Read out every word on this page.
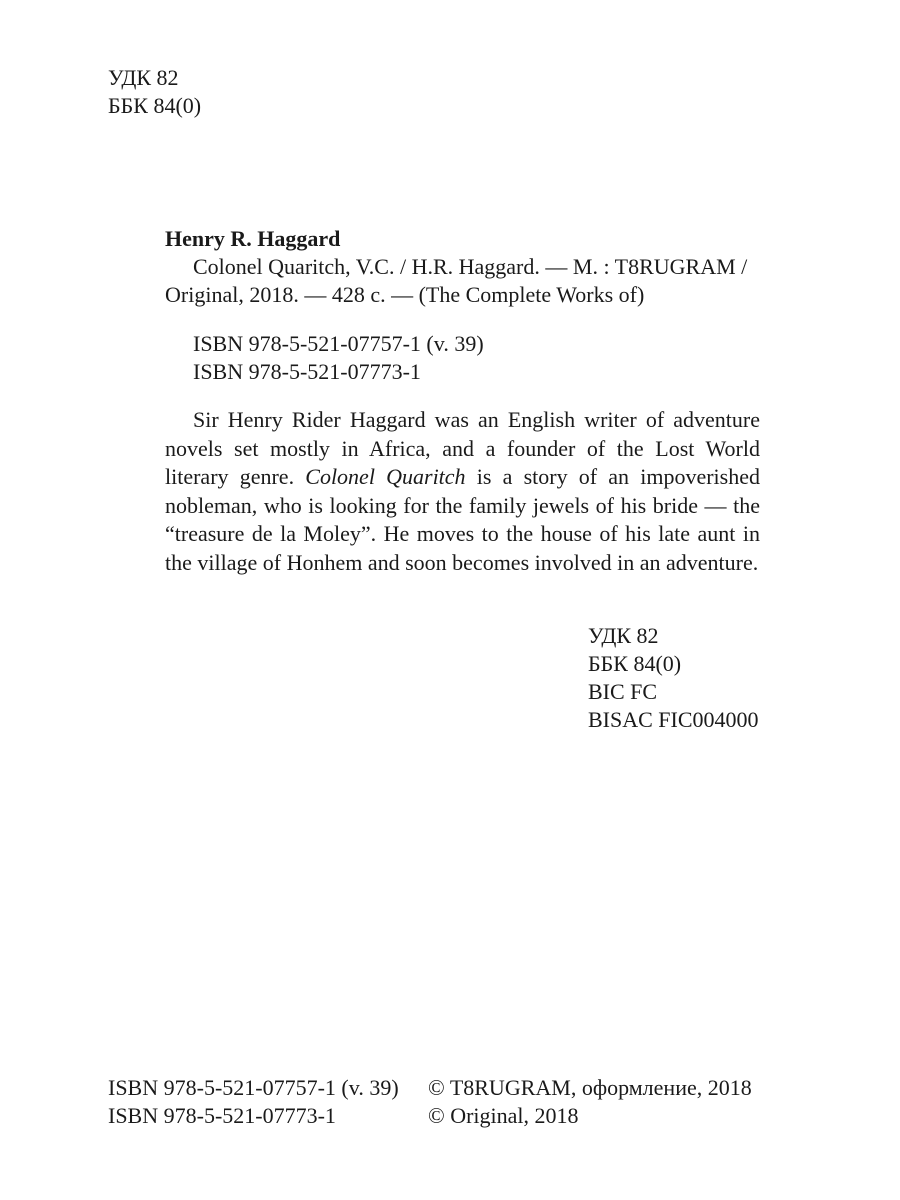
УДК 82
ББК 84(0)
Henry R. Haggard
Colonel Quaritch, V.C. / H.R. Haggard. — M. : T8RUGRAM /
Original, 2018. — 428 с. — (The Complete Works of)
ISBN 978-5-521-07757-1 (v. 39)
ISBN 978-5-521-07773-1
Sir Henry Rider Haggard was an English writer of adventure novels set mostly in Africa, and a founder of the Lost World literary genre. Colonel Quaritch is a story of an impoverished nobleman, who is looking for the family jewels of his bride — the “treasure de la Moley”. He moves to the house of his late aunt in the village of Honhem and soon becomes involved in an adventure.
УДК 82
ББК 84(0)
BIC FC
BISAC FIC004000
ISBN 978-5-521-07757-1 (v. 39)	© T8RUGRAM, оформление, 2018
ISBN 978-5-521-07773-1	© Original, 2018
